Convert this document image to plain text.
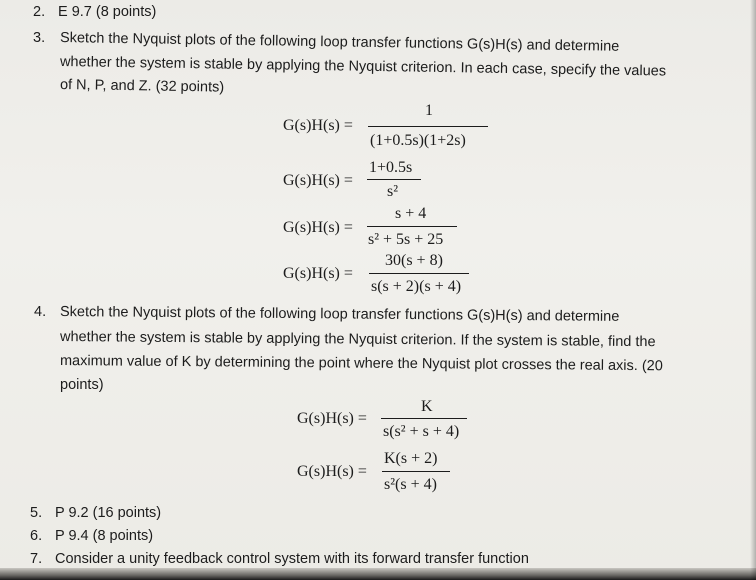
2. E 9.7 (8 points)
3. Sketch the Nyquist plots of the following loop transfer functions G(s)H(s) and determine
whether the system is stable by applying the Nyquist criterion. In each case, specify the values
of N, P, and Z. (32 points)
G(s)H(s) =
1
(1+0.5s)(1+2s)
G(s)H(s) =
1+0.5s
s²
G(s)H(s) =
s + 4
s² + 5s + 25
G(s)H(s) =
30(s + 8)
s(s + 2)(s + 4)
4. Sketch the Nyquist plots of the following loop transfer functions G(s)H(s) and determine
whether the system is stable by applying the Nyquist criterion. If the system is stable, find the
maximum value of K by determining the point where the Nyquist plot crosses the real axis. (20
points)
G(s)H(s) =
K
s(s² + s + 4)
G(s)H(s) =
K(s + 2)
s²(s + 4)
5. P 9.2 (16 points)
6. P 9.4 (8 points)
7. Consider a unity feedback control system with its forward transfer function
